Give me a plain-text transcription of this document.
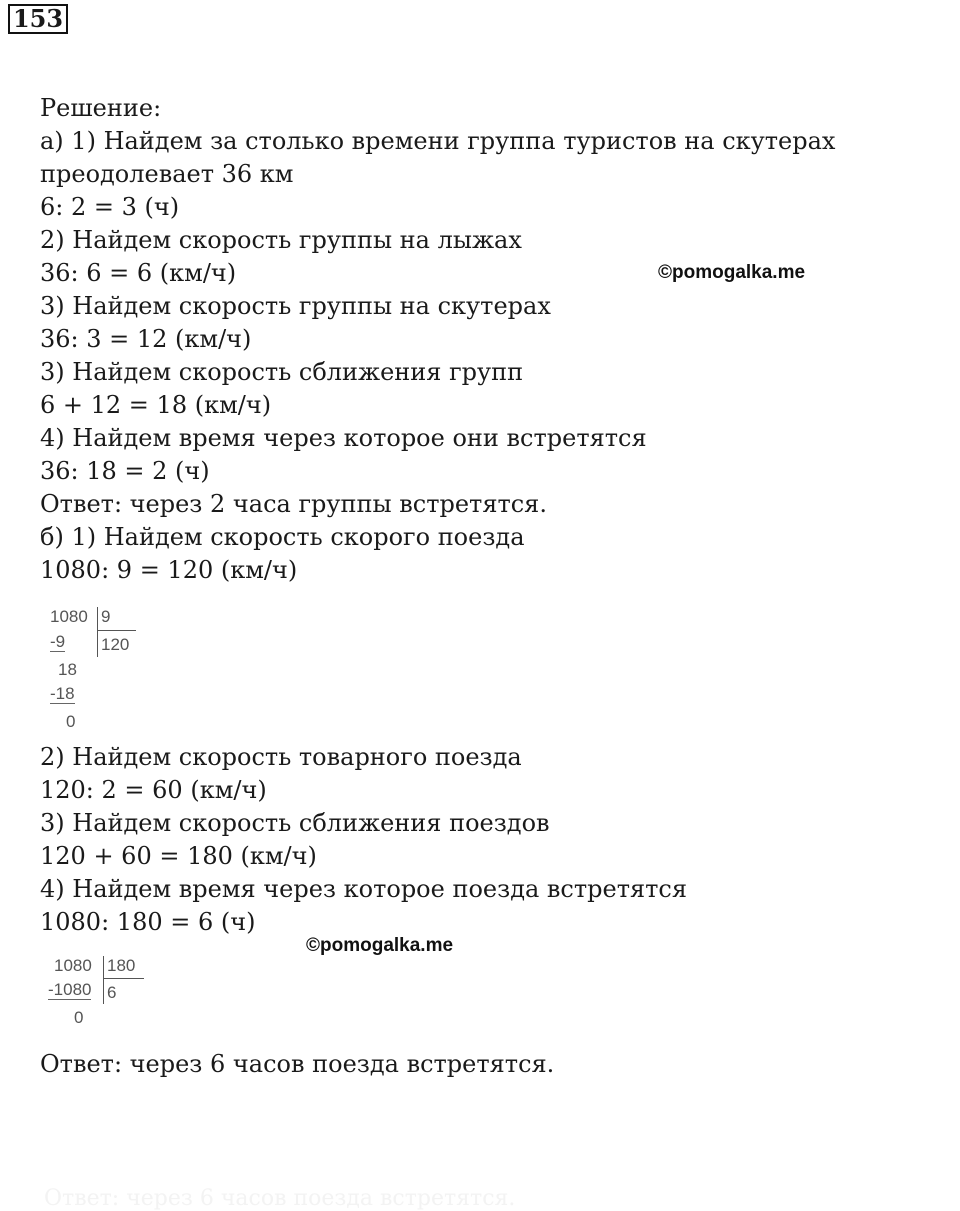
153
Решение:
а) 1) Найдем за столько времени группа туристов на скутерах
преодолевает 36 км
6: 2 = 3 (ч)
2) Найдем скорость группы на лыжах
36: 6 = 6 (км/ч)
3) Найдем скорость группы на скутерах
36: 3 = 12 (км/ч)
3) Найдем скорость сближения групп
6 + 12 = 18 (км/ч)
4) Найдем время через которое они встретятся
36: 18 = 2 (ч)
Ответ: через 2 часа группы встретятся.
б) 1) Найдем скорость скорого поезда
1080: 9 = 120 (км/ч)
©pomogalka.me
1080 9
120
-9
18
-18
0
2) Найдем скорость товарного поезда
120: 2 = 60 (км/ч)
3) Найдем скорость сближения поездов
120 + 60 = 180 (км/ч)
4) Найдем время через которое поезда встретятся
1080: 180 = 6 (ч)
©pomogalka.me
1080 180
6
-1080
0
Ответ: через 6 часов поезда встретятся.
Ответ: через 6 часов поезда встретятся.
